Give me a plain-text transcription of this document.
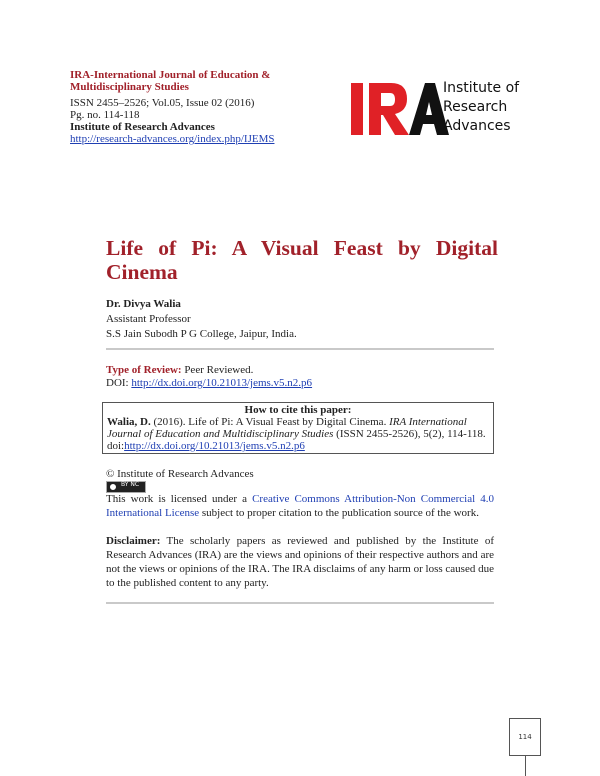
IRA-International Journal of Education & Multidisciplinary Studies
ISSN 2455–2526; Vol.05, Issue 02 (2016)
Pg. no. 114-118
Institute of Research Advances
http://research-advances.org/index.php/IJEMS
Institute of
Research
Advances
Life of Pi: A Visual Feast by Digital Cinema
Dr. Divya Walia
Assistant Professor
S.S Jain Subodh P G College, Jaipur, India.
Type of Review: Peer Reviewed.
DOI: http://dx.doi.org/10.21013/jems.v5.n2.p6
How to cite this paper:
Walia, D. (2016). Life of Pi: A Visual Feast by Digital Cinema. IRA International Journal of Education and Multidisciplinary Studies (ISSN 2455-2526), 5(2), 114-118.
doi:http://dx.doi.org/10.21013/jems.v5.n2.p6
© Institute of Research Advances
BY NC
This work is licensed under a Creative Commons Attribution-Non Commercial 4.0 International License subject to proper citation to the publication source of the work.
Disclaimer: The scholarly papers as reviewed and published by the Institute of Research Advances (IRA) are the views and opinions of their respective authors and are not the views or opinions of the IRA. The IRA disclaims of any harm or loss caused due to the published content to any party.
114
